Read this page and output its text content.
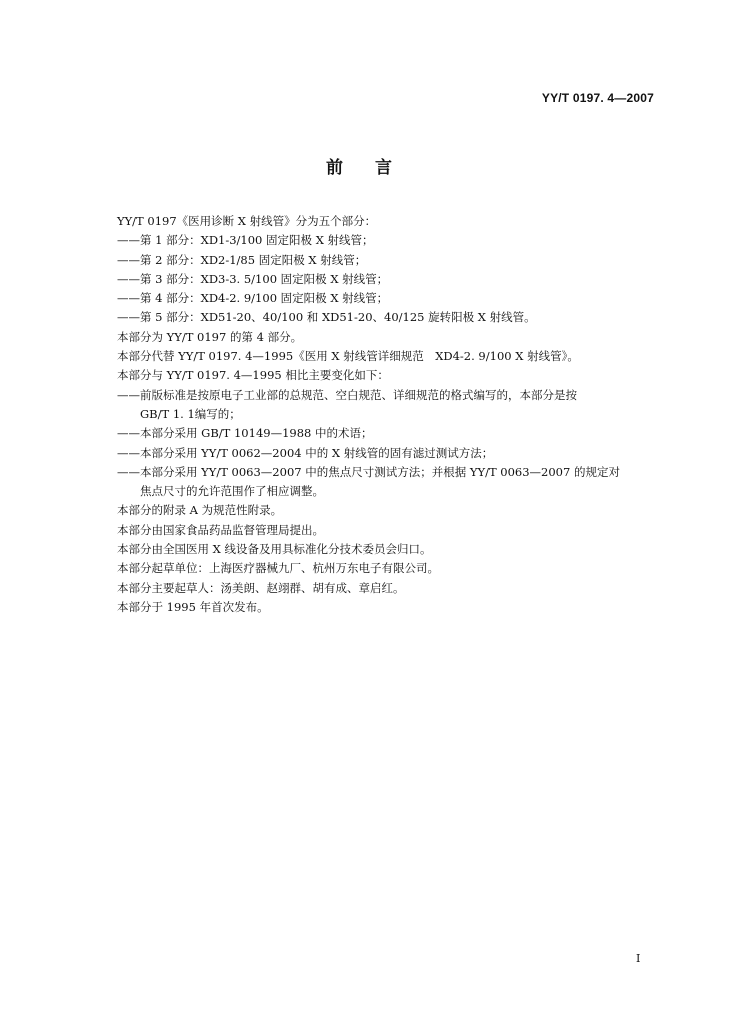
YY/T 0197. 4—2007
前言
YY/T 0197《医用诊断 X 射线管》分为五个部分：
——第 1 部分：XD1-3/100 固定阳极 X 射线管；
——第 2 部分：XD2-1/85 固定阳极 X 射线管；
——第 3 部分：XD3-3. 5/100 固定阳极 X 射线管；
——第 4 部分：XD4-2. 9/100 固定阳极 X 射线管；
——第 5 部分：XD51-20、40/100 和 XD51-20、40/125 旋转阳极 X 射线管。
本部分为 YY/T 0197 的第 4 部分。
本部分代替 YY/T 0197. 4—1995《医用 X 射线管详细规范　XD4-2. 9/100 X 射线管》。
本部分与 YY/T 0197. 4—1995 相比主要变化如下：
——前版标准是按原电子工业部的总规范、空白规范、详细规范的格式编写的，本部分是按
GB/T 1. 1编写的；
——本部分采用 GB/T 10149—1988 中的术语；
——本部分采用 YY/T 0062—2004 中的 X 射线管的固有滤过测试方法；
——本部分采用 YY/T 0063—2007 中的焦点尺寸测试方法；并根据 YY/T 0063—2007 的规定对
焦点尺寸的允许范围作了相应调整。
本部分的附录 A 为规范性附录。
本部分由国家食品药品监督管理局提出。
本部分由全国医用 X 线设备及用具标准化分技术委员会归口。
本部分起草单位：上海医疗器械九厂、杭州万东电子有限公司。
本部分主要起草人：汤美朗、赵翊群、胡有成、章启红。
本部分于 1995 年首次发布。
I
